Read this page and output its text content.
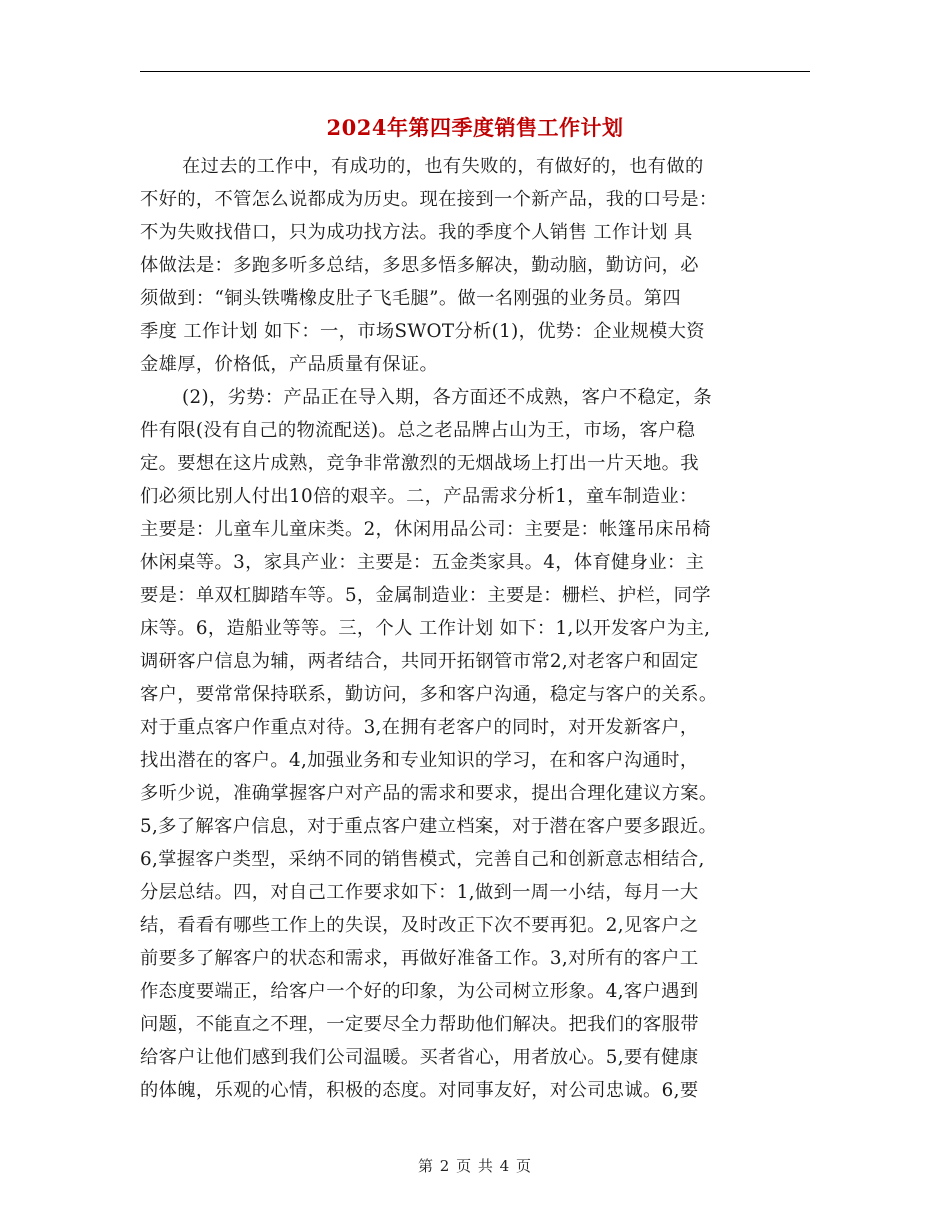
2024年第四季度销售工作计划
在过去的工作中，有成功的，也有失败的，有做好的，也有做的
不好的，不管怎么说都成为历史。现在接到一个新产品，我的口号是：
不为失败找借口，只为成功找方法。我的季度个人销售 工作计划 具
体做法是：多跑多听多总结，多思多悟多解决，勤动脑，勤访问，必
须做到：“铜头铁嘴橡皮肚子飞毛腿”。做一名刚强的业务员。第四
季度 工作计划 如下：一，市场SWOT分析(1)，优势：企业规模大资
金雄厚，价格低，产品质量有保证。
(2)，劣势：产品正在导入期，各方面还不成熟，客户不稳定，条
件有限(没有自己的物流配送)。总之老品牌占山为王，市场，客户稳
定。要想在这片成熟，竞争非常激烈的无烟战场上打出一片天地。我
们必须比别人付出10倍的艰辛。二，产品需求分析1，童车制造业：
主要是：儿童车儿童床类。2，休闲用品公司：主要是：帐篷吊床吊椅
休闲桌等。3，家具产业：主要是：五金类家具。4，体育健身业：主
要是：单双杠脚踏车等。5，金属制造业：主要是：栅栏、护栏，同学
床等。6，造船业等等。三，个人 工作计划 如下：1,以开发客户为主,
调研客户信息为辅，两者结合，共同开拓钢管市常2,对老客户和固定
客户，要常常保持联系，勤访问，多和客户沟通，稳定与客户的关系。
对于重点客户作重点对待。3,在拥有老客户的同时，对开发新客户，
找出潜在的客户。4,加强业务和专业知识的学习，在和客户沟通时，
多听少说，准确掌握客户对产品的需求和要求，提出合理化建议方案。
5,多了解客户信息，对于重点客户建立档案，对于潜在客户要多跟近。
6,掌握客户类型，采纳不同的销售模式，完善自己和创新意志相结合,
分层总结。四，对自己工作要求如下：1,做到一周一小结，每月一大
结，看看有哪些工作上的失误，及时改正下次不要再犯。2,见客户之
前要多了解客户的状态和需求，再做好准备工作。3,对所有的客户工
作态度要端正，给客户一个好的印象，为公司树立形象。4,客户遇到
问题，不能直之不理，一定要尽全力帮助他们解决。把我们的客服带
给客户让他们感到我们公司温暖。买者省心，用者放心。5,要有健康
的体魄，乐观的心情，积极的态度。对同事友好，对公司忠诚。6,要
第 2 页 共 4 页
